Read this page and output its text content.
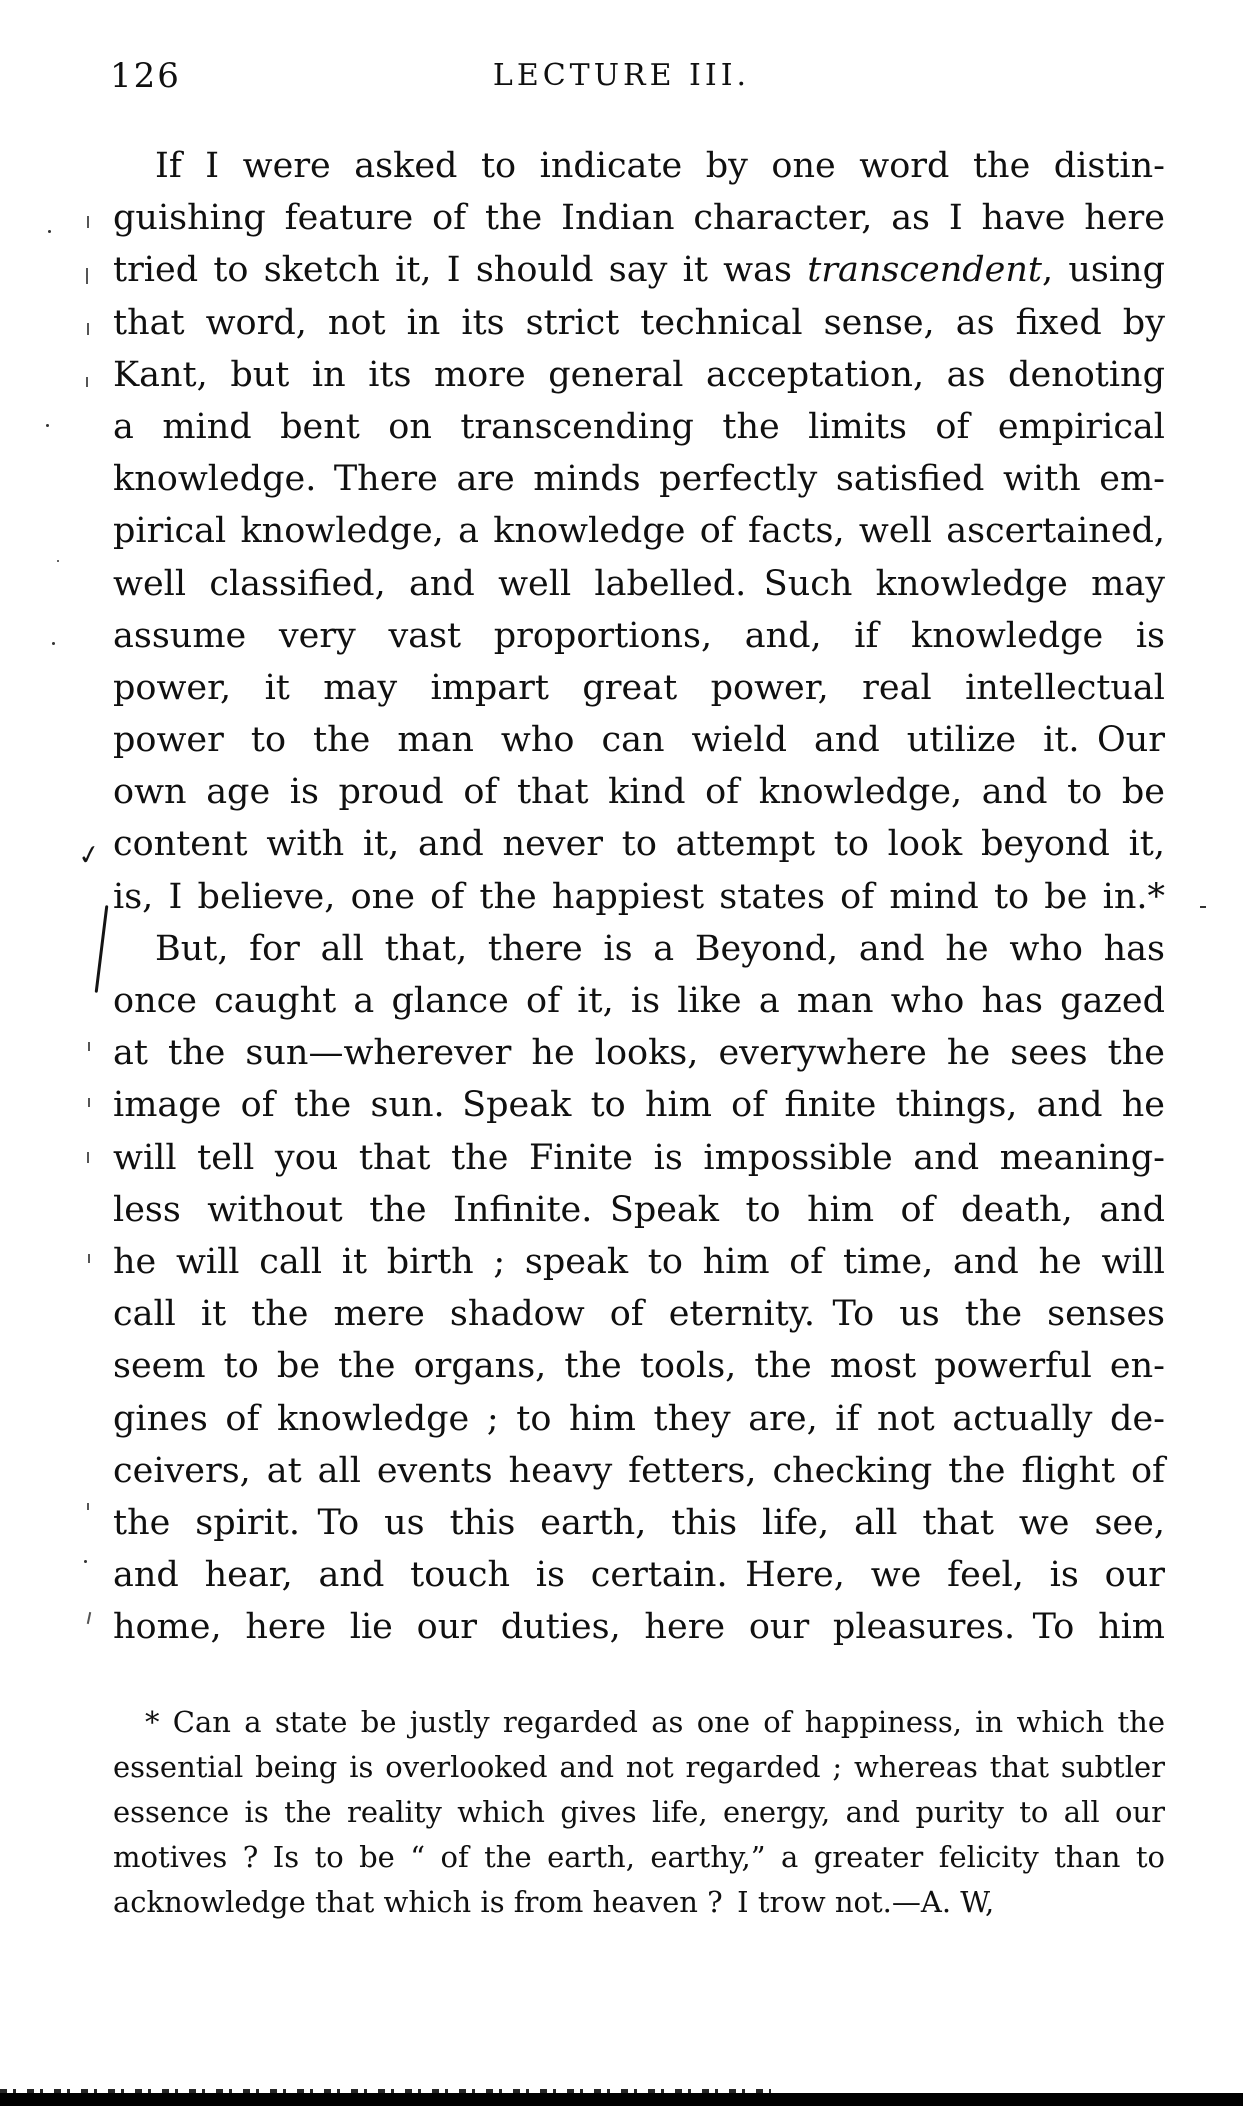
126	LECTURE III.
If I were asked to indicate by one word the distin-
guishing feature of the Indian character, as I have here
tried to sketch it, I should say it was transcendent, using
that word, not in its strict technical sense, as fixed by
Kant, but in its more general acceptation, as denoting
a mind bent on transcending the limits of empirical
knowledge. There are minds perfectly satisfied with em-
pirical knowledge, a knowledge of facts, well ascertained,
well classified, and well labelled. Such knowledge may
assume very vast proportions, and, if knowledge is
power, it may impart great power, real intellectual
power to the man who can wield and utilize it. Our
own age is proud of that kind of knowledge, and to be
content with it, and never to attempt to look beyond it,
is, I believe, one of the happiest states of mind to be in.*
But, for all that, there is a Beyond, and he who has
once caught a glance of it, is like a man who has gazed
at the sun—wherever he looks, everywhere he sees the
image of the sun. Speak to him of finite things, and he
will tell you that the Finite is impossible and meaning-
less without the Infinite. Speak to him of death, and
he will call it birth ; speak to him of time, and he will
call it the mere shadow of eternity. To us the senses
seem to be the organs, the tools, the most powerful en-
gines of knowledge ; to him they are, if not actually de-
ceivers, at all events heavy fetters, checking the flight of
the spirit. To us this earth, this life, all that we see,
and hear, and touch is certain. Here, we feel, is our
home, here lie our duties, here our pleasures. To him
* Can a state be justly regarded as one of happiness, in which the
essential being is overlooked and not regarded ; whereas that subtler
essence is the reality which gives life, energy, and purity to all our
motives ? Is to be “ of the earth, earthy,” a greater felicity than to
acknowledge that which is from heaven ? I trow not.—A. W,
✓
